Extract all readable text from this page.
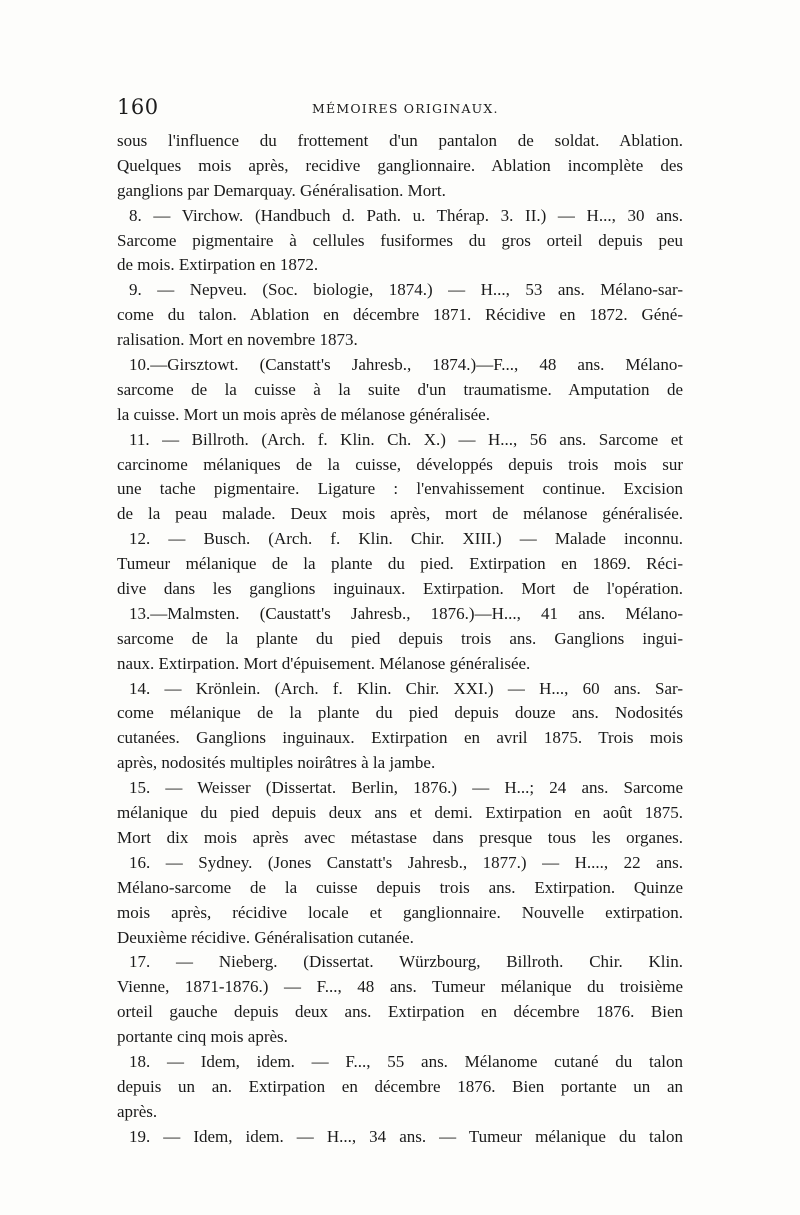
160	MÉMOIRES ORIGINAUX.
sous l'influence du frottement d'un pantalon de soldat. Ablation.
Quelques mois après, recidive ganglionnaire. Ablation incomplète des
ganglions par Demarquay. Généralisation. Mort.
8. — Virchow. (Handbuch d. Path. u. Thérap. 3. II.) — H..., 30 ans.
Sarcome pigmentaire à cellules fusiformes du gros orteil depuis peu
de mois. Extirpation en 1872.
9. — Nepveu. (Soc. biologie, 1874.) — H..., 53 ans. Mélano-sar-
come du talon. Ablation en décembre 1871. Récidive en 1872. Géné-
ralisation. Mort en novembre 1873.
10.—Girsztowt. (Canstatt's Jahresb., 1874.)—F..., 48 ans. Mélano-
sarcome de la cuisse à la suite d'un traumatisme. Amputation de
la cuisse. Mort un mois après de mélanose généralisée.
11. — Billroth. (Arch. f. Klin. Ch. X.) — H..., 56 ans. Sarcome et
carcinome mélaniques de la cuisse, développés depuis trois mois sur
une tache pigmentaire. Ligature : l'envahissement continue. Excision
de la peau malade. Deux mois après, mort de mélanose généralisée.
12. — Busch. (Arch. f. Klin. Chir. XIII.) — Malade inconnu.
Tumeur mélanique de la plante du pied. Extirpation en 1869. Réci-
dive dans les ganglions inguinaux. Extirpation. Mort de l'opération.
13.—Malmsten. (Caustatt's Jahresb., 1876.)—H..., 41 ans. Mélano-
sarcome de la plante du pied depuis trois ans. Ganglions ingui-
naux. Extirpation. Mort d'épuisement. Mélanose généralisée.
14. — Krönlein. (Arch. f. Klin. Chir. XXI.) — H..., 60 ans. Sar-
come mélanique de la plante du pied depuis douze ans. Nodosités
cutanées. Ganglions inguinaux. Extirpation en avril 1875. Trois mois
après, nodosités multiples noirâtres à la jambe.
15. — Weisser (Dissertat. Berlin, 1876.) — H...; 24 ans. Sarcome
mélanique du pied depuis deux ans et demi. Extirpation en août 1875.
Mort dix mois après avec métastase dans presque tous les organes.
16. — Sydney. (Jones Canstatt's Jahresb., 1877.) — H...., 22 ans.
Mélano-sarcome de la cuisse depuis trois ans. Extirpation. Quinze
mois après, récidive locale et ganglionnaire. Nouvelle extirpation.
Deuxième récidive. Généralisation cutanée.
17. — Nieberg. (Dissertat. Würzbourg, Billroth. Chir. Klin.
Vienne, 1871-1876.) — F..., 48 ans. Tumeur mélanique du troisième
orteil gauche depuis deux ans. Extirpation en décembre 1876. Bien
portante cinq mois après.
18. — Idem, idem. — F..., 55 ans. Mélanome cutané du talon
depuis un an. Extirpation en décembre 1876. Bien portante un an
après.
19. — Idem, idem. — H..., 34 ans. — Tumeur mélanique du talon
